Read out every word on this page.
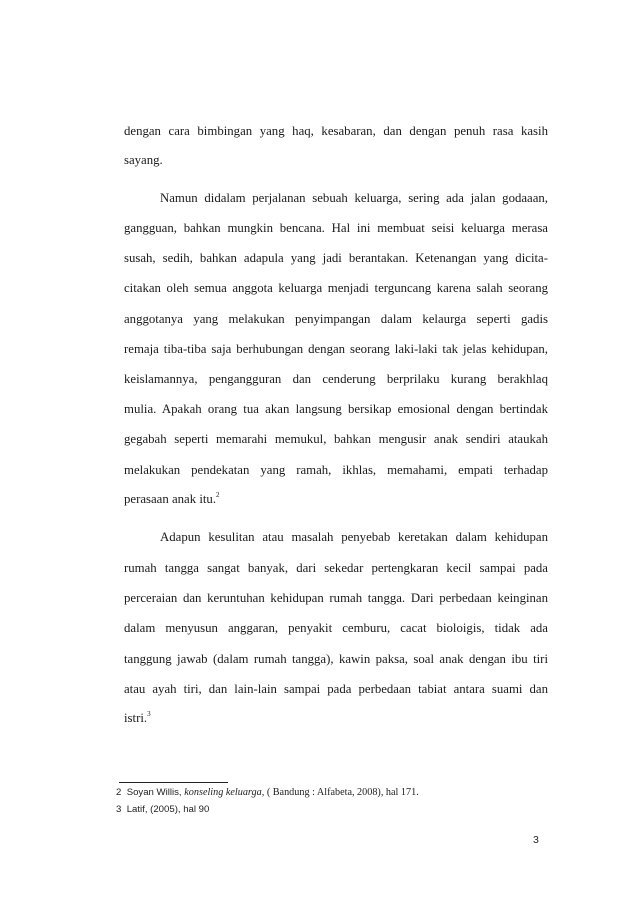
dengan cara bimbingan yang haq, kesabaran, dan dengan penuh rasa kasih
sayang.
Namun didalam perjalanan sebuah keluarga, sering ada jalan godaaan,
gangguan, bahkan mungkin bencana. Hal ini membuat seisi keluarga merasa
susah, sedih, bahkan adapula yang jadi berantakan. Ketenangan yang dicita-
citakan oleh semua anggota keluarga menjadi terguncang karena salah seorang
anggotanya yang melakukan penyimpangan dalam kelaurga seperti gadis
remaja tiba-tiba saja berhubungan dengan seorang laki-laki tak jelas kehidupan,
keislamannya, pengangguran dan cenderung berprilaku kurang berakhlaq
mulia. Apakah orang tua akan langsung bersikap emosional dengan bertindak
gegabah seperti memarahi memukul, bahkan mengusir anak sendiri ataukah
melakukan pendekatan yang ramah, ikhlas, memahami, empati terhadap
perasaan anak itu.$^2$
Adapun kesulitan atau masalah penyebab keretakan dalam kehidupan
rumah tangga sangat banyak, dari sekedar pertengkaran kecil sampai pada
perceraian dan keruntuhan kehidupan rumah tangga. Dari perbedaan keinginan
dalam menyusun anggaran, penyakit cemburu, cacat bioloigis, tidak ada
tanggung jawab (dalam rumah tangga), kawin paksa, soal anak dengan ibu tiri
atau ayah tiri, dan lain-lain sampai pada perbedaan tabiat antara suami dan
istri.$^3$
2 Soyan Willis, konseling keluarga, ( Bandung : Alfabeta, 2008), hal 171.
3 Latif, (2005), hal 90
3
